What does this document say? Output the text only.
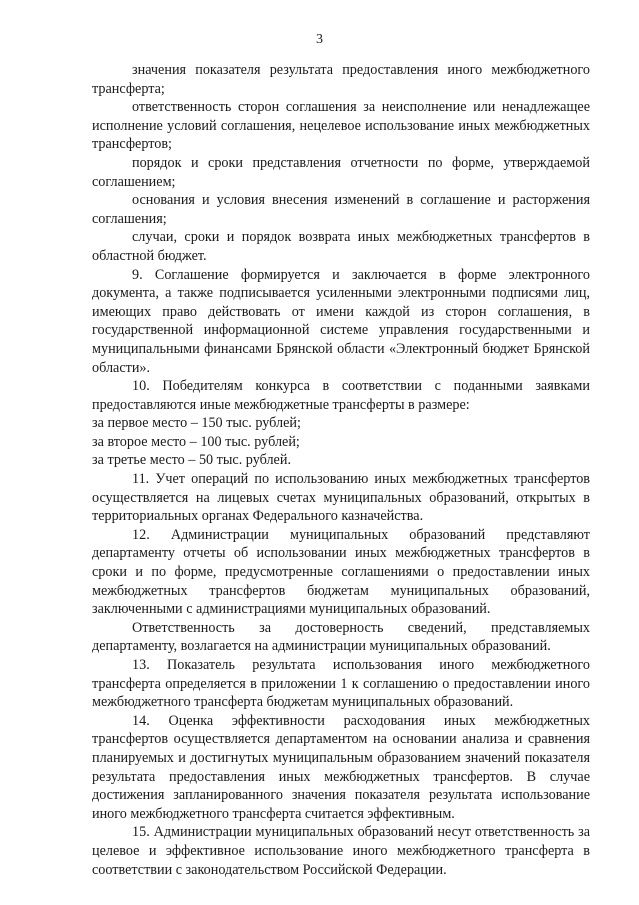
3

значения показателя результата предоставления иного межбюджетного трансферта;

ответственность сторон соглашения за неисполнение или ненадлежащее исполнение условий соглашения, нецелевое использование иных межбюджетных трансфертов;

порядок и сроки представления отчетности по форме, утверждаемой соглашением;

основания и условия внесения изменений в соглашение и расторжения соглашения;

случаи, сроки и порядок возврата иных межбюджетных трансфертов в областной бюджет.

9. Соглашение формируется и заключается в форме электронного документа, а также подписывается усиленными электронными подписями лиц, имеющих право действовать от имени каждой из сторон соглашения, в государственной информационной системе управления государственными и муниципальными финансами Брянской области «Электронный бюджет Брянской области».

10. Победителям конкурса в соответствии с поданными заявками предоставляются иные межбюджетные трансферты в размере:

за первое место – 150 тыс. рублей;

за второе место – 100 тыс. рублей;

за третье место – 50 тыс. рублей.

11. Учет операций по использованию иных межбюджетных трансфертов осуществляется на лицевых счетах муниципальных образований, открытых в территориальных органах Федерального казначейства.

12. Администрации муниципальных образований представляют департаменту отчеты об использовании иных межбюджетных трансфертов в сроки и по форме, предусмотренные соглашениями о предоставлении иных межбюджетных трансфертов бюджетам муниципальных образований, заключенными с администрациями муниципальных образований.

Ответственность за достоверность сведений, представляемых департаменту, возлагается на администрации муниципальных образований.

13. Показатель результата использования иного межбюджетного трансферта определяется в приложении 1 к соглашению о предоставлении иного межбюджетного трансферта бюджетам муниципальных образований.

14. Оценка эффективности расходования иных межбюджетных трансфертов осуществляется департаментом на основании анализа и сравнения планируемых и достигнутых муниципальным образованием значений показателя результата предоставления иных межбюджетных трансфертов. В случае достижения запланированного значения показателя результата использование иного межбюджетного трансферта считается эффективным.

15. Администрации муниципальных образований несут ответственность за целевое и эффективное использование иного межбюджетного трансферта в соответствии с законодательством Российской Федерации.
